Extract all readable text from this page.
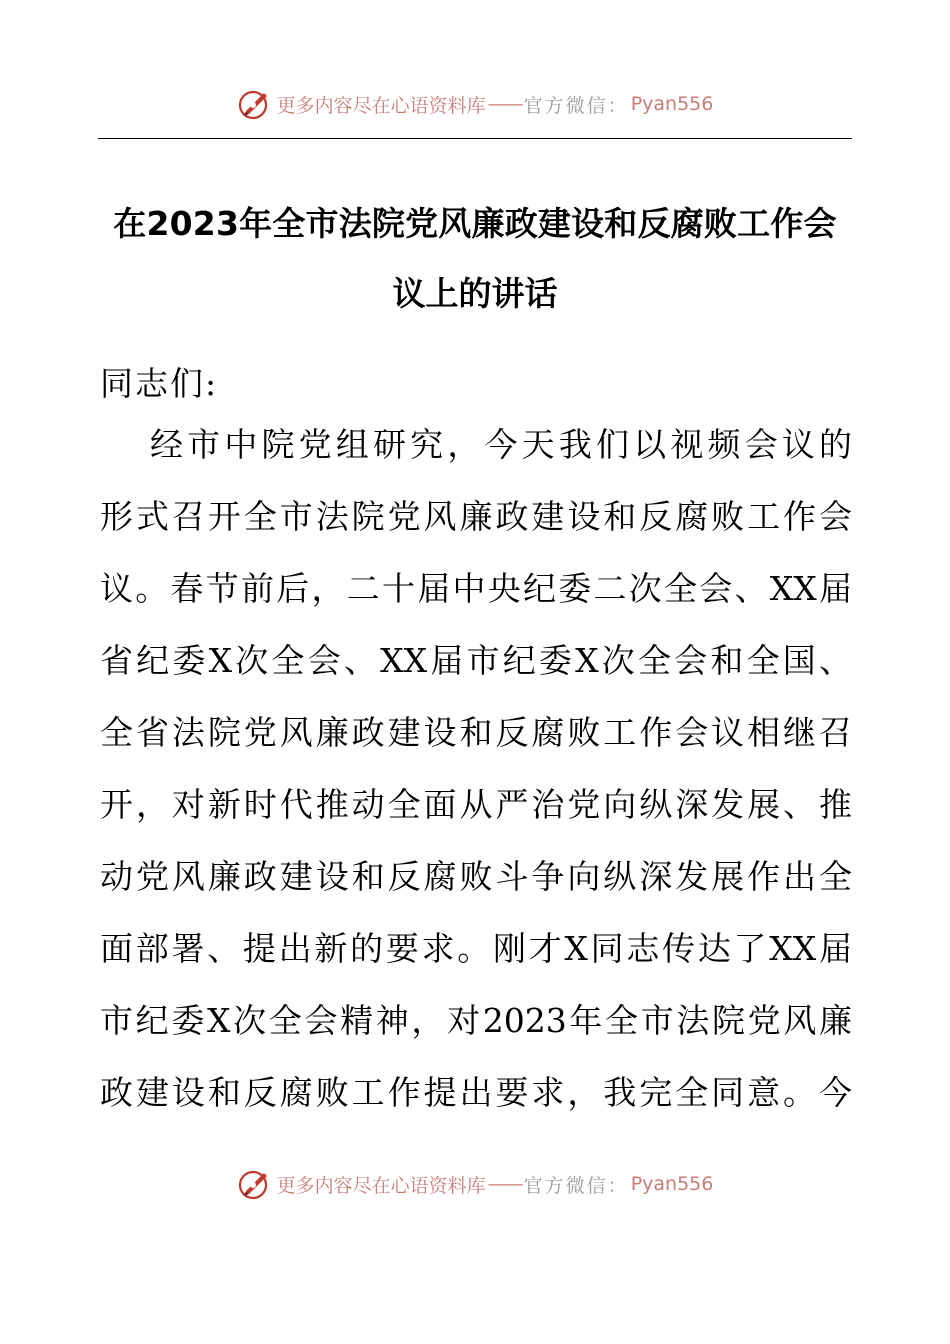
更多内容尽在心语资料库 —— 官方微信： Pyan556
在2023年全市法院党风廉政建设和反腐败工作会
议上的讲话

同志们:

经市中院党组研究，今天我们以视频会议的

形式召开全市法院党风廉政建设和反腐败工作会

议。春节前后，二十届中央纪委二次全会、XX届

省纪委X次全会、XX届市纪委X次全会和全国、

全省法院党风廉政建设和反腐败工作会议相继召

开，对新时代推动全面从严治党向纵深发展、推

动党风廉政建设和反腐败斗争向纵深发展作出全

面部署、提出新的要求。刚才X同志传达了XX届

市纪委X次全会精神，对2023年全市法院党风廉

政建设和反腐败工作提出要求，我完全同意。今

更多内容尽在心语资料库 —— 官方微信： Pyan556
